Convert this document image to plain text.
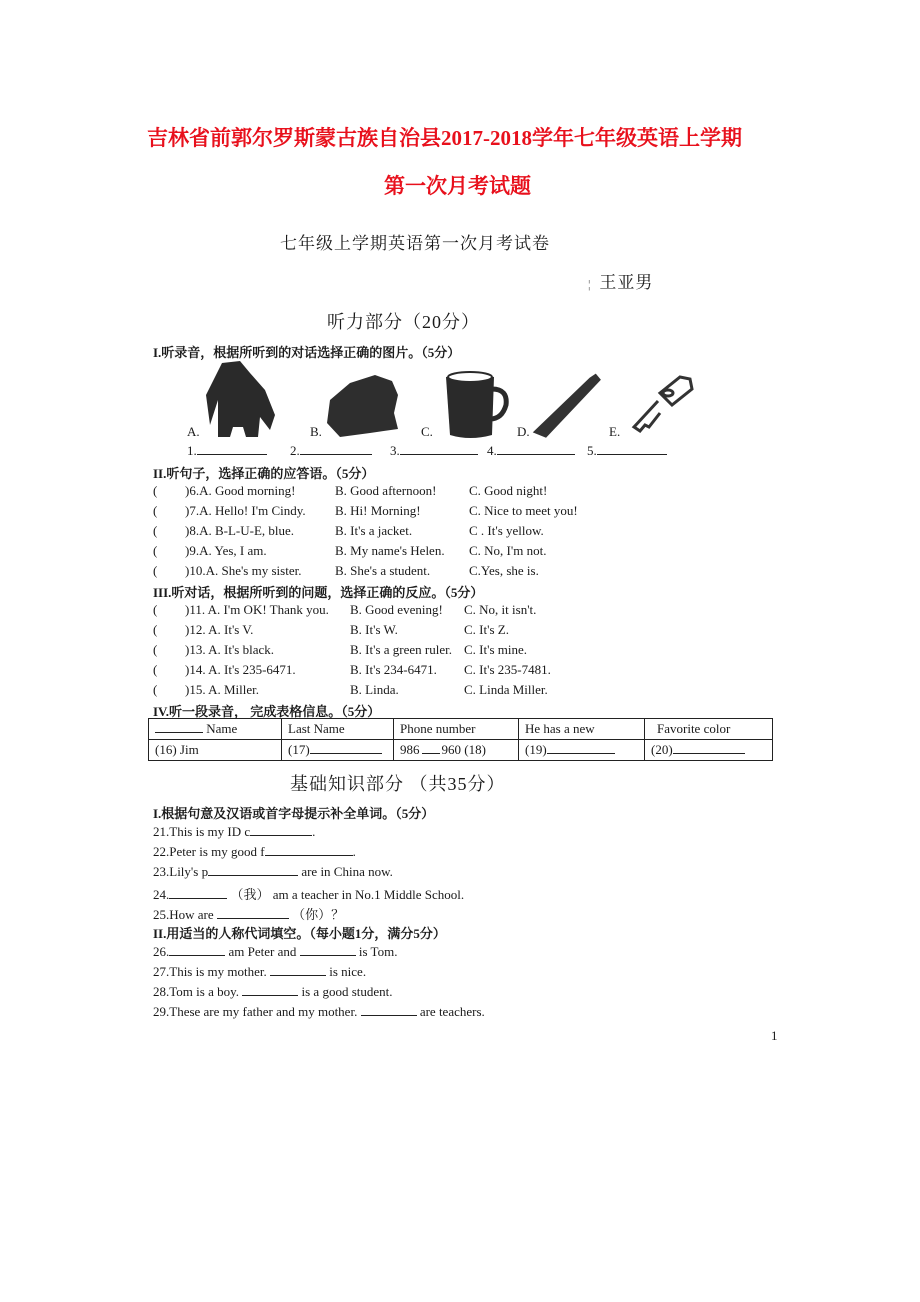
吉林省前郭尔罗斯蒙古族自治县2017-2018学年七年级英语上学期
第一次月考试题
七年级上学期英语第一次月考试卷
¦ 王亚男
听力部分（20分）
I.听录音，根据所听到的对话选择正确的图片。（5分）
A.	B.	C.	D.	E.
1.	2.	3.	4.	5.
II.听句子，选择正确的应答语。（5分）
( )6.A. Good morning!	B. Good afternoon!	C. Good night!
( )7.A. Hello! I'm Cindy. B. Hi! Morning!	C. Nice to meet you!
( )8.A. B-L-U-E, blue.	B. It's a jacket.	C . It's yellow.
( )9.A. Yes, I am.	B. My name's Helen. C. No, I'm not.
( )10.A. She's my sister.	B. She's a student.	C.Yes, she is.
III.听对话，根据所听到的问题，选择正确的反应。（5分）
( )11. A. I'm OK! Thank you. B. Good evening! C. No, it isn't.
( )12. A. It's V.	B. It's W.	C. It's Z.
( )13. A. It's black.	B. It's a green ruler. C. It's mine.
( )14. A. It's 235-6471.	B. It's 234-6471. C. It's 235-7481.
( )15. A. Miller.	B. Linda.	C. Linda Miller.
IV.听一段录音， 完成表格信息。（5分）
Name	Last Name	Phone number	He has a new	Favorite color
(16) Jim	(17)	986 960 (18)	(19)	(20)
基础知识部分 （共35分）
I.根据句意及汉语或首字母提示补全单词。（5分）
21.This is my ID c	.
22.Peter is my good f	.
23.Lily's p	are in China now.
24.	（我） am a teacher in No.1 Middle School.
25.How are	（你）？
II.用适当的人称代词填空。（每小题1分，满分5分）
26.	am Peter and	is Tom.
27.This is my mother.	is nice.
28.Tom is a boy.	is a good student.
29.These are my father and my mother.	are teachers.
1
